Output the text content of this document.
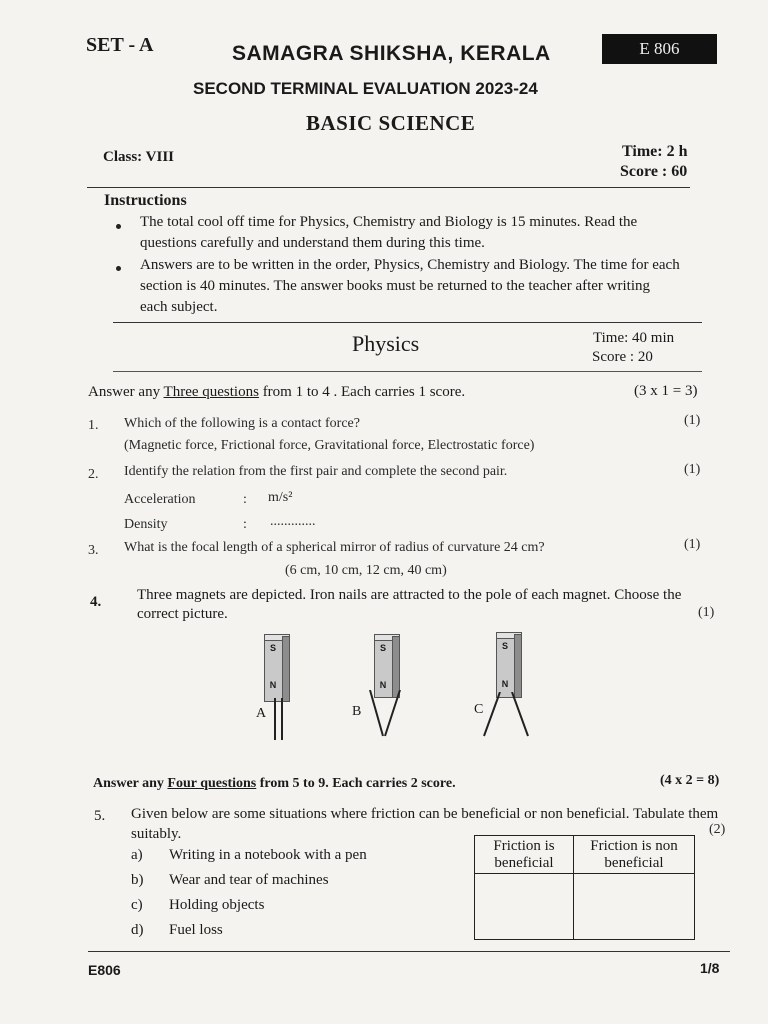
SET - A	SAMAGRA SHIKSHA, KERALA	E 806
SECOND TERMINAL EVALUATION 2023-24
BASIC SCIENCE
Class: VIII	Time: 2 h
Score : 60
Instructions
The total cool off time for Physics, Chemistry and Biology is 15 minutes. Read the questions carefully and understand them during this time.
Answers are to be written in the order, Physics, Chemistry and Biology. The time for each section is 40 minutes. The answer books must be returned to the teacher after writing each subject.
Physics	Time: 40 min
Score : 20
Answer any Three questions from 1 to 4 . Each carries 1 score.	(3 x 1 = 3)
1. Which of the following is a contact force?	(1)
(Magnetic force, Frictional force, Gravitational force, Electrostatic force)
2. Identify the relation from the first pair and complete the second pair.	(1)
Acceleration	: m/s²
Density	: .............
3. What is the focal length of a spherical mirror of radius of curvature 24 cm?	(1)
(6 cm, 10 cm, 12 cm, 40 cm)
4. Three magnets are depicted. Iron nails are attracted to the pole of each magnet. Choose the correct picture.	(1)
S
N
A
S
N
B
S
N
C
Answer any Four questions from 5 to 9. Each carries 2 score.	(4 x 2 = 8)
5. Given below are some situations where friction can be beneficial or non beneficial. Tabulate them suitably.	(2)
a) Writing in a notebook with a pen
b) Wear and tear of machines
c) Holding objects
d) Fuel loss
Friction is beneficial	Friction is non beneficial

E806	1/8
